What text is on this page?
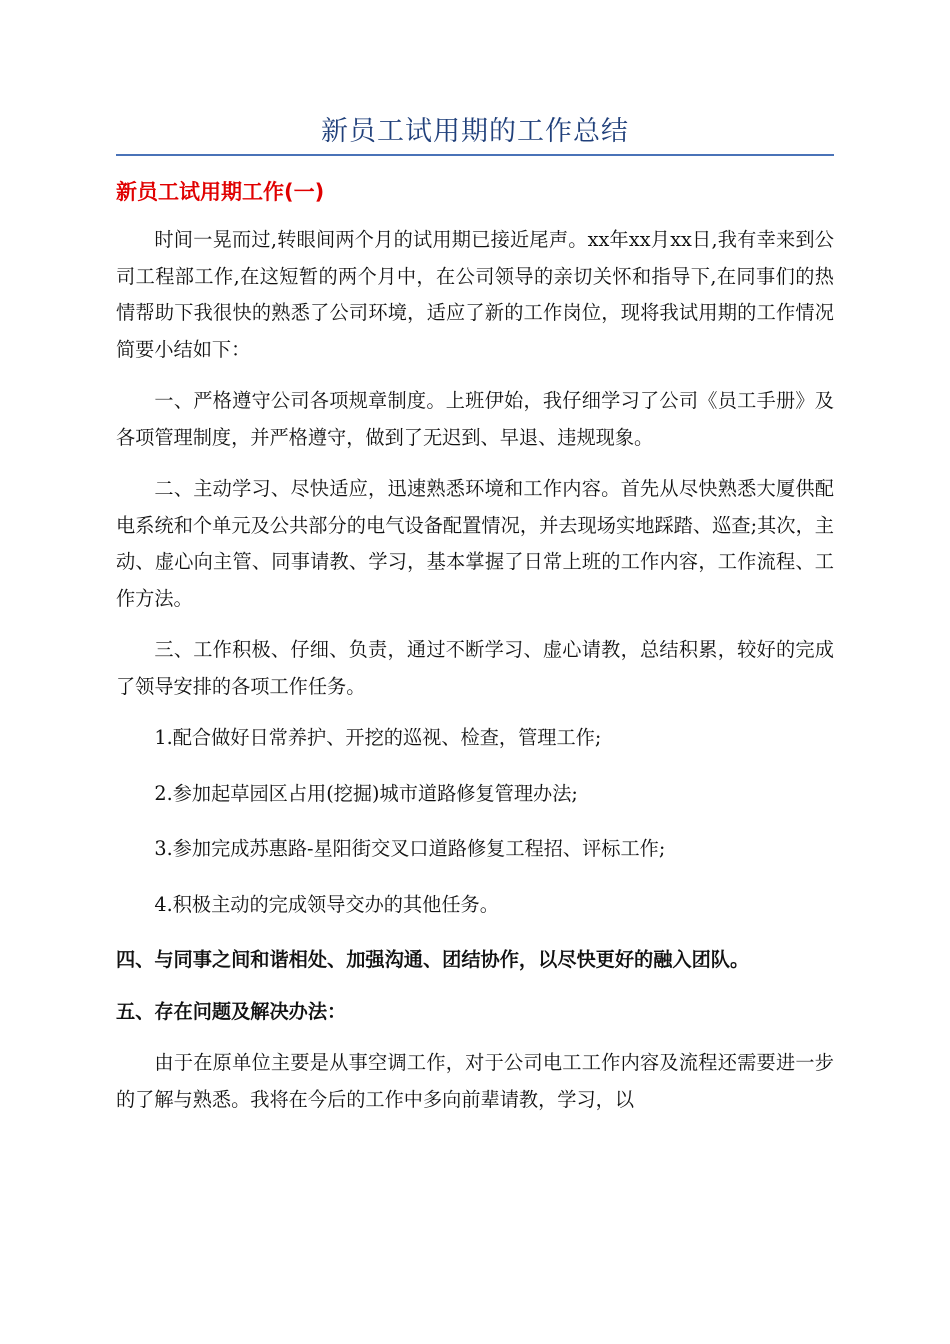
新员工试用期的工作总结
新员工试用期工作(一)

时间一晃而过,转眼间两个月的试用期已接近尾声。xx年xx月xx日,我有幸来到公司工程部工作,在这短暂的两个月中，在公司领导的亲切关怀和指导下,在同事们的热情帮助下我很快的熟悉了公司环境，适应了新的工作岗位，现将我试用期的工作情况简要小结如下：

一、严格遵守公司各项规章制度。上班伊始，我仔细学习了公司《员工手册》及各项管理制度，并严格遵守，做到了无迟到、早退、违规现象。

二、主动学习、尽快适应，迅速熟悉环境和工作内容。首先从尽快熟悉大厦供配电系统和个单元及公共部分的电气设备配置情况，并去现场实地踩踏、巡查;其次，主动、虚心向主管、同事请教、学习，基本掌握了日常上班的工作内容，工作流程、工作方法。

三、工作积极、仔细、负责，通过不断学习、虚心请教，总结积累，较好的完成了领导安排的各项工作任务。

1.配合做好日常养护、开挖的巡视、检查，管理工作;

2.参加起草园区占用(挖掘)城市道路修复管理办法;

3.参加完成苏惠路-星阳街交叉口道路修复工程招、评标工作;

4.积极主动的完成领导交办的其他任务。

四、与同事之间和谐相处、加强沟通、团结协作，以尽快更好的融入团队。

五、存在问题及解决办法：

由于在原单位主要是从事空调工作，对于公司电工工作内容及流程还需要进一步的了解与熟悉。我将在今后的工作中多向前辈请教，学习，以
